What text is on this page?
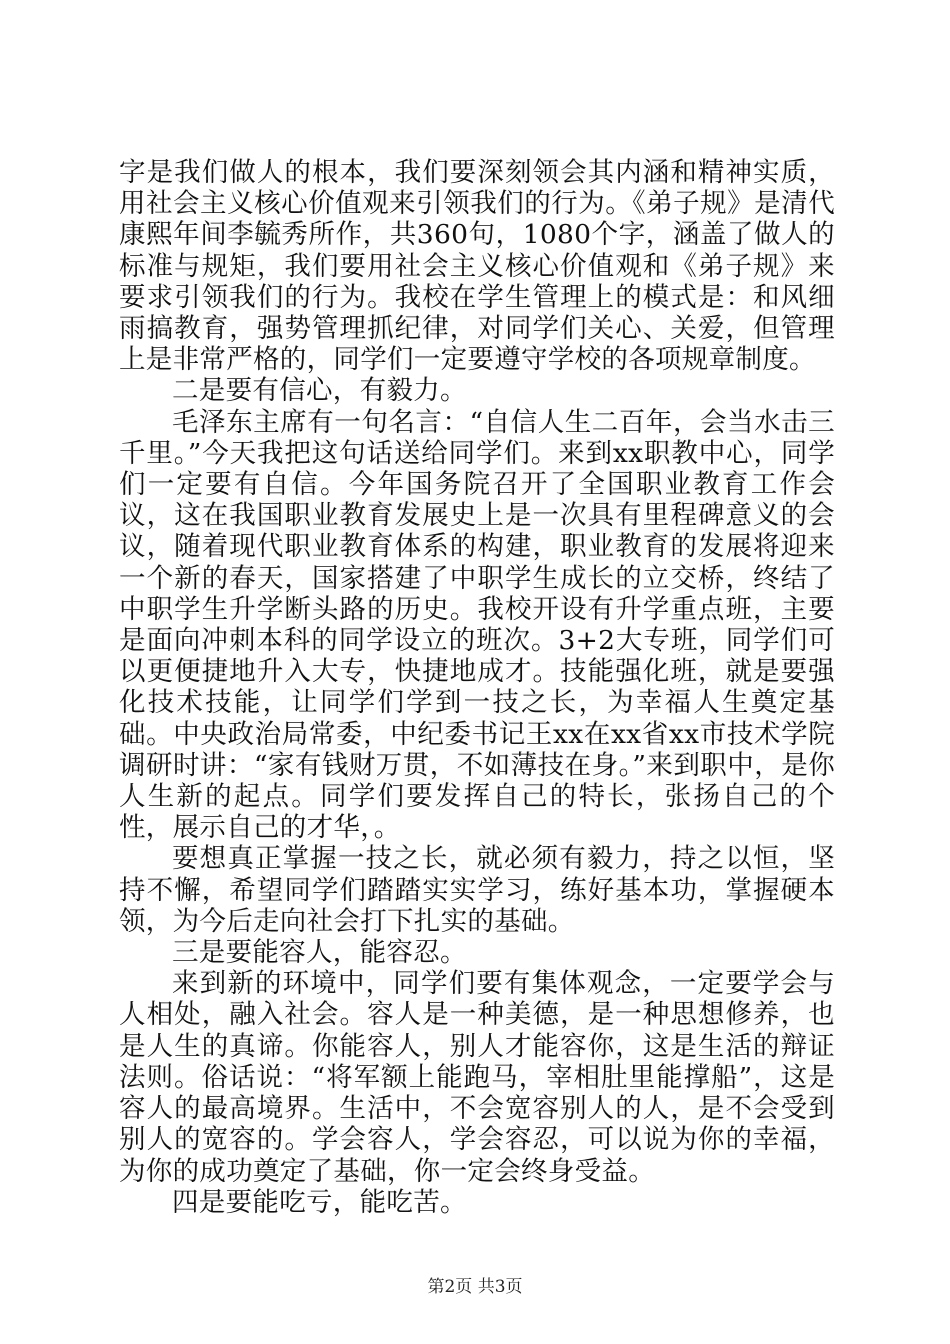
字是我们做人的根本，我们要深刻领会其内涵和精神实质，用社会主义核心价值观来引领我们的行为。《弟子规》是清代康熙年间李毓秀所作，共360句，1080个字，涵盖了做人的标准与规矩，我们要用社会主义核心价值观和《弟子规》来要求引领我们的行为。我校在学生管理上的模式是：和风细雨搞教育，强势管理抓纪律，对同学们关心、关爱，但管理上是非常严格的，同学们一定要遵守学校的各项规章制度。

二是要有信心，有毅力。

毛泽东主席有一句名言：“自信人生二百年，会当水击三千里。”今天我把这句话送给同学们。来到xx职教中心，同学们一定要有自信。今年国务院召开了全国职业教育工作会议，这在我国职业教育发展史上是一次具有里程碑意义的会议，随着现代职业教育体系的构建，职业教育的发展将迎来一个新的春天，国家搭建了中职学生成长的立交桥，终结了中职学生升学断头路的历史。我校开设有升学重点班，主要是面向冲刺本科的同学设立的班次。3+2大专班，同学们可以更便捷地升入大专，快捷地成才。技能强化班，就是要强化技术技能，让同学们学到一技之长，为幸福人生奠定基础。中央政治局常委，中纪委书记王xx在xx省xx市技术学院调研时讲：“家有钱财万贯，不如薄技在身。”来到职中，是你人生新的起点。同学们要发挥自己的特长，张扬自己的个性，展示自己的才华，。

要想真正掌握一技之长，就必须有毅力，持之以恒，坚持不懈，希望同学们踏踏实实学习，练好基本功，掌握硬本领，为今后走向社会打下扎实的基础。

三是要能容人，能容忍。

来到新的环境中，同学们要有集体观念，一定要学会与人相处，融入社会。容人是一种美德，是一种思想修养，也是人生的真谛。你能容人，别人才能容你，这是生活的辩证法则。俗话说：“将军额上能跑马，宰相肚里能撑船”，这是容人的最高境界。生活中，不会宽容别人的人，是不会受到别人的宽容的。学会容人，学会容忍，可以说为你的幸福，为你的成功奠定了基础，你一定会终身受益。

四是要能吃亏，能吃苦。

第2页 共3页
